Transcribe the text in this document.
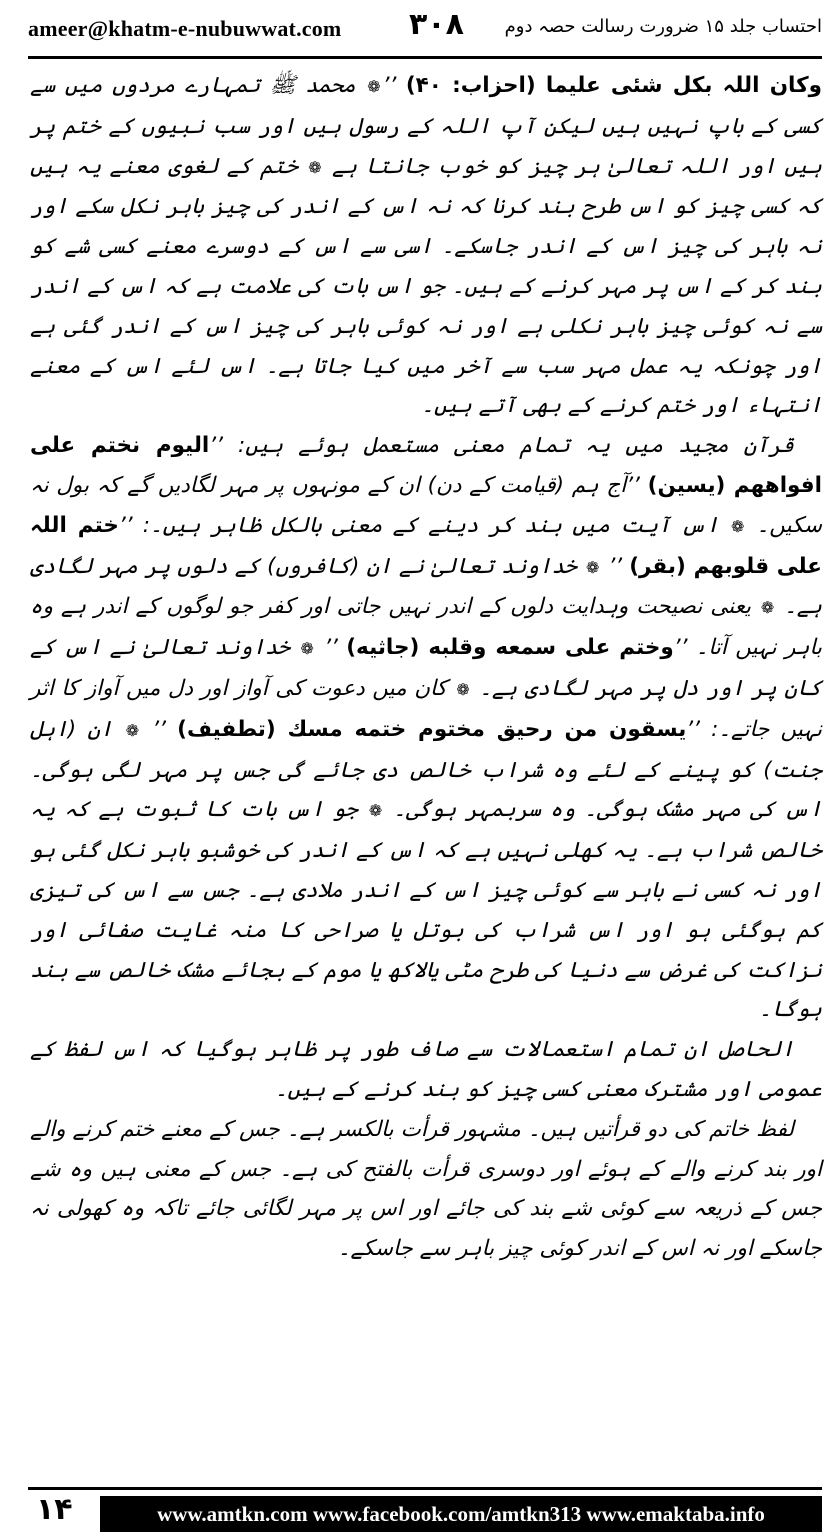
ameer@khatm-e-nubuwwat.com ۳۰۸ احتساب جلد ۱۵ ضرورت رسالت حصہ دوم

وکان اللہ بکل شئی علیما (احزاب: ۴۰) ’’❁ محمد ﷺ تمہارے مردوں میں سے کسی کے باپ نہیں ہیں لیکن آپ اللہ کے رسول ہیں اور سب نبیوں کے ختم پر ہیں اور اللہ تعالیٰ ہر چیز کو خوب جانتا ہے ❁ ختم کے لغوی معنے یہ ہیں کہ کسی چیز کو اس طرح بند کرنا کہ نہ اس کے اندر کی چیز باہر نکل سکے اور نہ باہر کی چیز اس کے اندر جاسکے۔ اسی سے اس کے دوسرے معنے کسی شے کو بند کر کے اس پر مہر کرنے کے ہیں۔ جو اس بات کی علامت ہے کہ اس کے اندر سے نہ کوئی چیز باہر نکلی ہے اور نہ کوئی باہر کی چیز اس کے اندر گئی ہے اور چونکہ یہ عمل مہر سب سے آخر میں کیا جاتا ہے۔ اس لئے اس کے معنے انتہاء اور ختم کرنے کے بھی آتے ہیں۔

قرآن مجید میں یہ تمام معنی مستعمل ہوئے ہیں: ’’الیوم نختم علی افواههم (یسین) ’’آج ہم (قیامت کے دن) ان کے مونہوں پر مہر لگادیں گے کہ بول نہ سکیں۔ ❁ اس آیت میں بند کر دینے کے معنی بالکل ظاہر ہیں۔: ’’ختم اللہ علی قلوبھم (بقر) ’’ ❁ خداوند تعالیٰ نے ان (کافروں) کے دلوں پر مہر لگادی ہے۔ ❁ یعنی نصیحت وہدایت دلوں کے اندر نہیں جاتی اور کفر جو لوگوں کے اندر ہے وہ باہر نہیں آتا۔ ’’وختم علی سمعه وقلبه (جاثیه) ’’ ❁ خداوند تعالیٰ نے اس کے کان پر اور دل پر مہر لگادی ہے۔ ❁ کان میں دعوت کی آواز اور دل میں آواز کا اثر نہیں جاتے۔: ’’یسقون من رحیق مختوم ختمه مسك (تطفیف) ’’ ❁ ان (اہل جنت) کو پینے کے لئے وہ شراب خالص دی جائے گی جس پر مہر لگی ہوگی۔ اس کی مہر مشک ہوگی۔ وہ سربمہر ہوگی۔ ❁ جو اس بات کا ثبوت ہے کہ یہ خالص شراب ہے۔ یہ کھلی نہیں ہے کہ اس کے اندر کی خوشبو باہر نکل گئی ہو اور نہ کسی نے باہر سے کوئی چیز اس کے اندر ملادی ہے۔ جس سے اس کی تیزی کم ہوگئی ہو اور اس شراب کی بوتل یا صراحی کا منہ غایت صفائی اور نزاکت کی غرض سے دنیا کی طرح مٹی یالاکھ یا موم کے بجائے مشک خالص سے بند ہوگا۔

الحاصل ان تمام استعمالات سے صاف طور پر ظاہر ہوگیا کہ اس لفظ کے عمومی اور مشترک معنی کسی چیز کو بند کرنے کے ہیں۔

لفظ خاتم کی دو قرأتیں ہیں۔ مشہور قرأت بالکسر ہے۔ جس کے معنے ختم کرنے والے اور بند کرنے والے کے ہوئے اور دوسری قرأت بالفتح کی ہے۔ جس کے معنی ہیں وہ شے جس کے ذریعہ سے کوئی شے بند کی جائے اور اس پر مہر لگائی جائے تاکہ وہ کھولی نہ جاسکے اور نہ اس کے اندر کوئی چیز باہر سے جاسکے۔

۱۴	www.amtkn.com www.facebook.com/amtkn313 www.emaktaba.info
